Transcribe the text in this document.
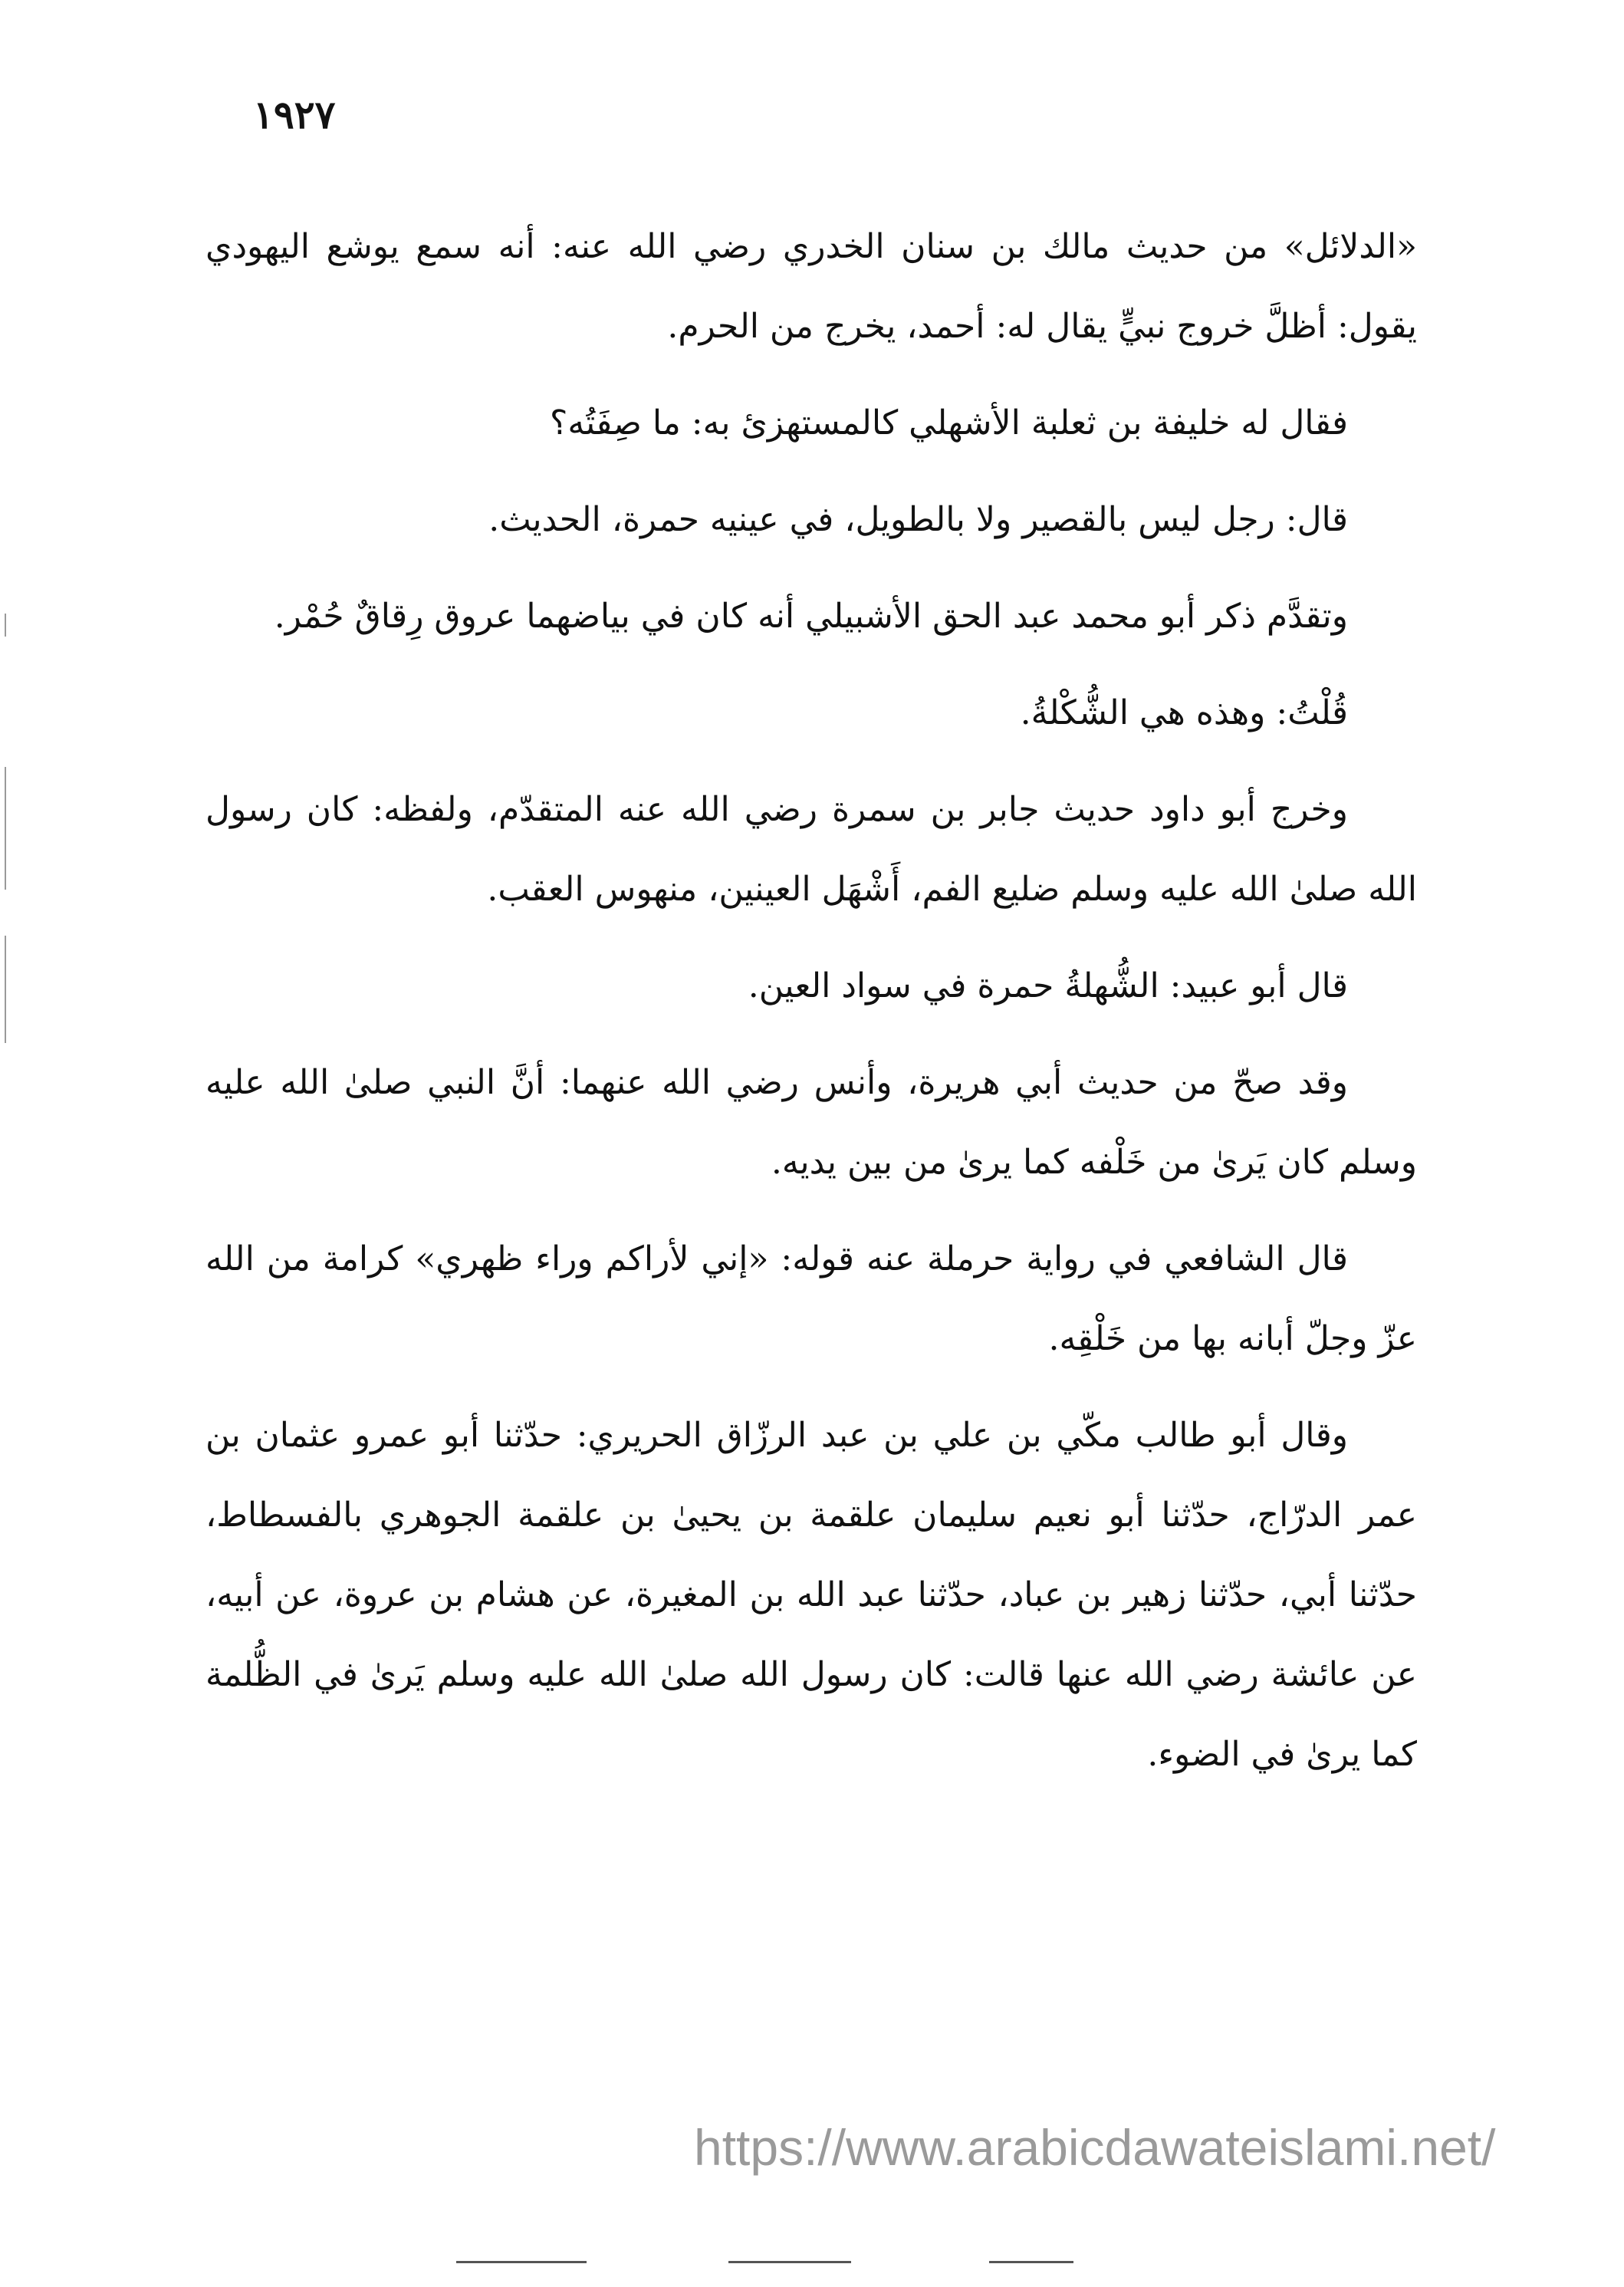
١٩٢٧

«الدلائل» من حديث مالك بن سنان الخدري رضي الله عنه: أنه سمع يوشع اليهودي يقول: أظلَّ خروج نبيٍّ يقال له: أحمد، يخرج من الحرم.

فقال له خليفة بن ثعلبة الأشهلي كالمستهزئ به: ما صِفَتُه؟

قال: رجل ليس بالقصير ولا بالطويل، في عينيه حمرة، الحديث.

وتقدَّم ذكر أبو محمد عبد الحق الأشبيلي أنه كان في بياضهما عروق رِقاقٌ حُمْر.

قُلْتُ: وهذه هي الشُّكْلةُ.

وخرج أبو داود حديث جابر بن سمرة رضي الله عنه المتقدّم، ولفظه: كان رسول الله صلىٰ الله عليه وسلم ضليع الفم، أَشْهَل العينين، منهوس العقب.

قال أبو عبيد: الشُّهلةُ حمرة في سواد العين.

وقد صحّ من حديث أبي هريرة، وأنس رضي الله عنهما: أنَّ النبي صلىٰ الله عليه وسلم كان يَرىٰ من خَلْفه كما يرىٰ من بين يديه.

قال الشافعي في رواية حرملة عنه قوله: «إني لأراكم وراء ظهري» كرامة من الله عزّ وجلّ أبانه بها من خَلْقِه.

وقال أبو طالب مكّي بن علي بن عبد الرزّاق الحريري: حدّثنا أبو عمرو عثمان بن عمر الدرّاج، حدّثنا أبو نعيم سليمان علقمة بن يحيىٰ بن علقمة الجوهري بالفسطاط، حدّثنا أبي، حدّثنا زهير بن عباد، حدّثنا عبد الله بن المغيرة، عن هشام بن عروة، عن أبيه، عن عائشة رضي الله عنها قالت: كان رسول الله صلىٰ الله عليه وسلم يَرىٰ في الظُّلمة كما يرىٰ في الضوء.

https://www.arabicdawateislami.net/
